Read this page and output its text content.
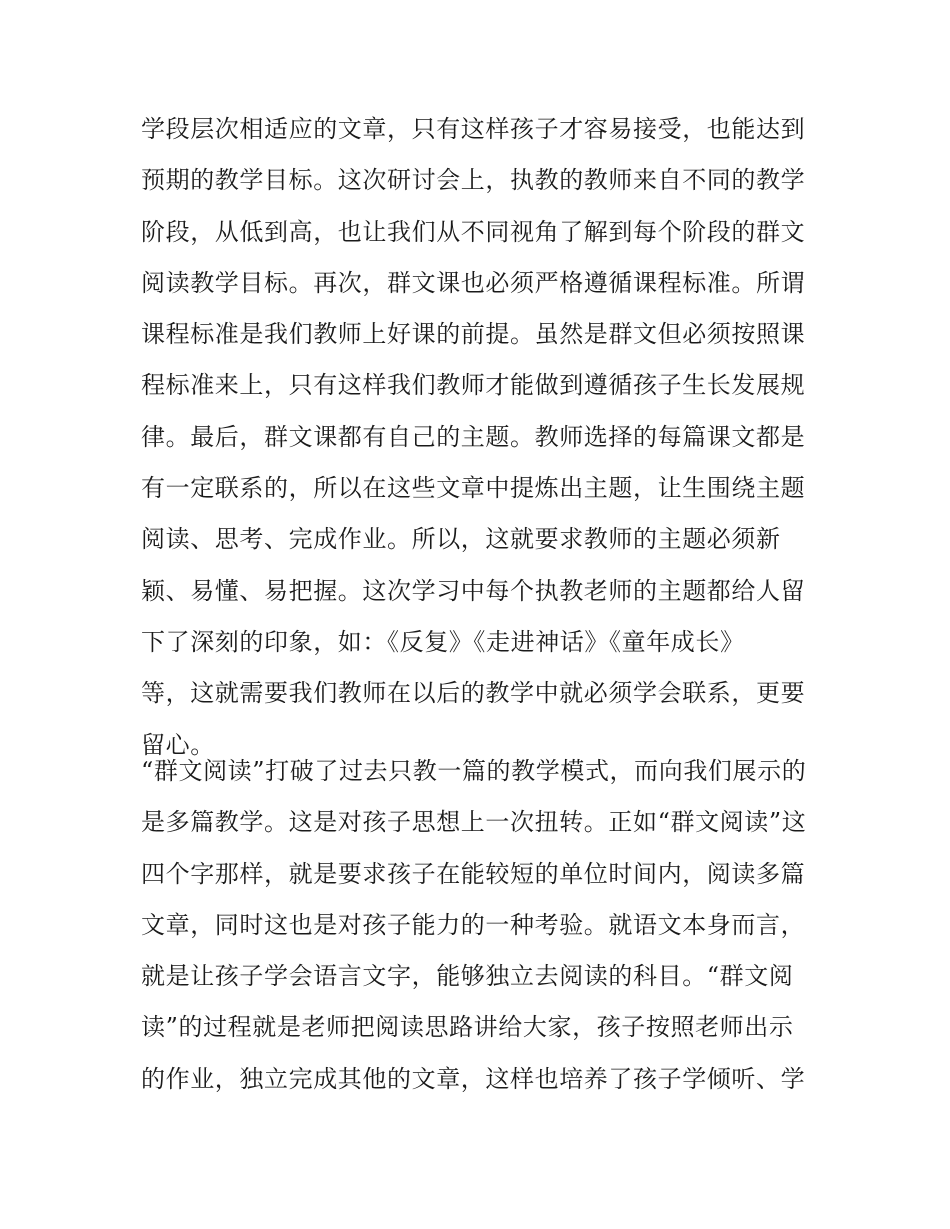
学段层次相适应的文章，只有这样孩子才容易接受，也能达到
预期的教学目标。这次研讨会上，执教的教师来自不同的教学
阶段，从低到高，也让我们从不同视角了解到每个阶段的群文
阅读教学目标。再次，群文课也必须严格遵循课程标准。所谓
课程标准是我们教师上好课的前提。虽然是群文但必须按照课
程标准来上，只有这样我们教师才能做到遵循孩子生长发展规
律。最后，群文课都有自己的主题。教师选择的每篇课文都是
有一定联系的，所以在这些文章中提炼出主题，让生围绕主题
阅读、思考、完成作业。所以，这就要求教师的主题必须新
颖、易懂、易把握。这次学习中每个执教老师的主题都给人留
下了深刻的印象，如：《反复》《走进神话》《童年成长》
等，这就需要我们教师在以后的教学中就必须学会联系，更要
留心。
“群文阅读”打破了过去只教一篇的教学模式，而向我们展示的
是多篇教学。这是对孩子思想上一次扭转。正如“群文阅读”这
四个字那样，就是要求孩子在能较短的单位时间内，阅读多篇
文章，同时这也是对孩子能力的一种考验。就语文本身而言，
就是让孩子学会语言文字，能够独立去阅读的科目。“群文阅
读”的过程就是老师把阅读思路讲给大家，孩子按照老师出示
的作业，独立完成其他的文章，这样也培养了孩子学倾听、学
